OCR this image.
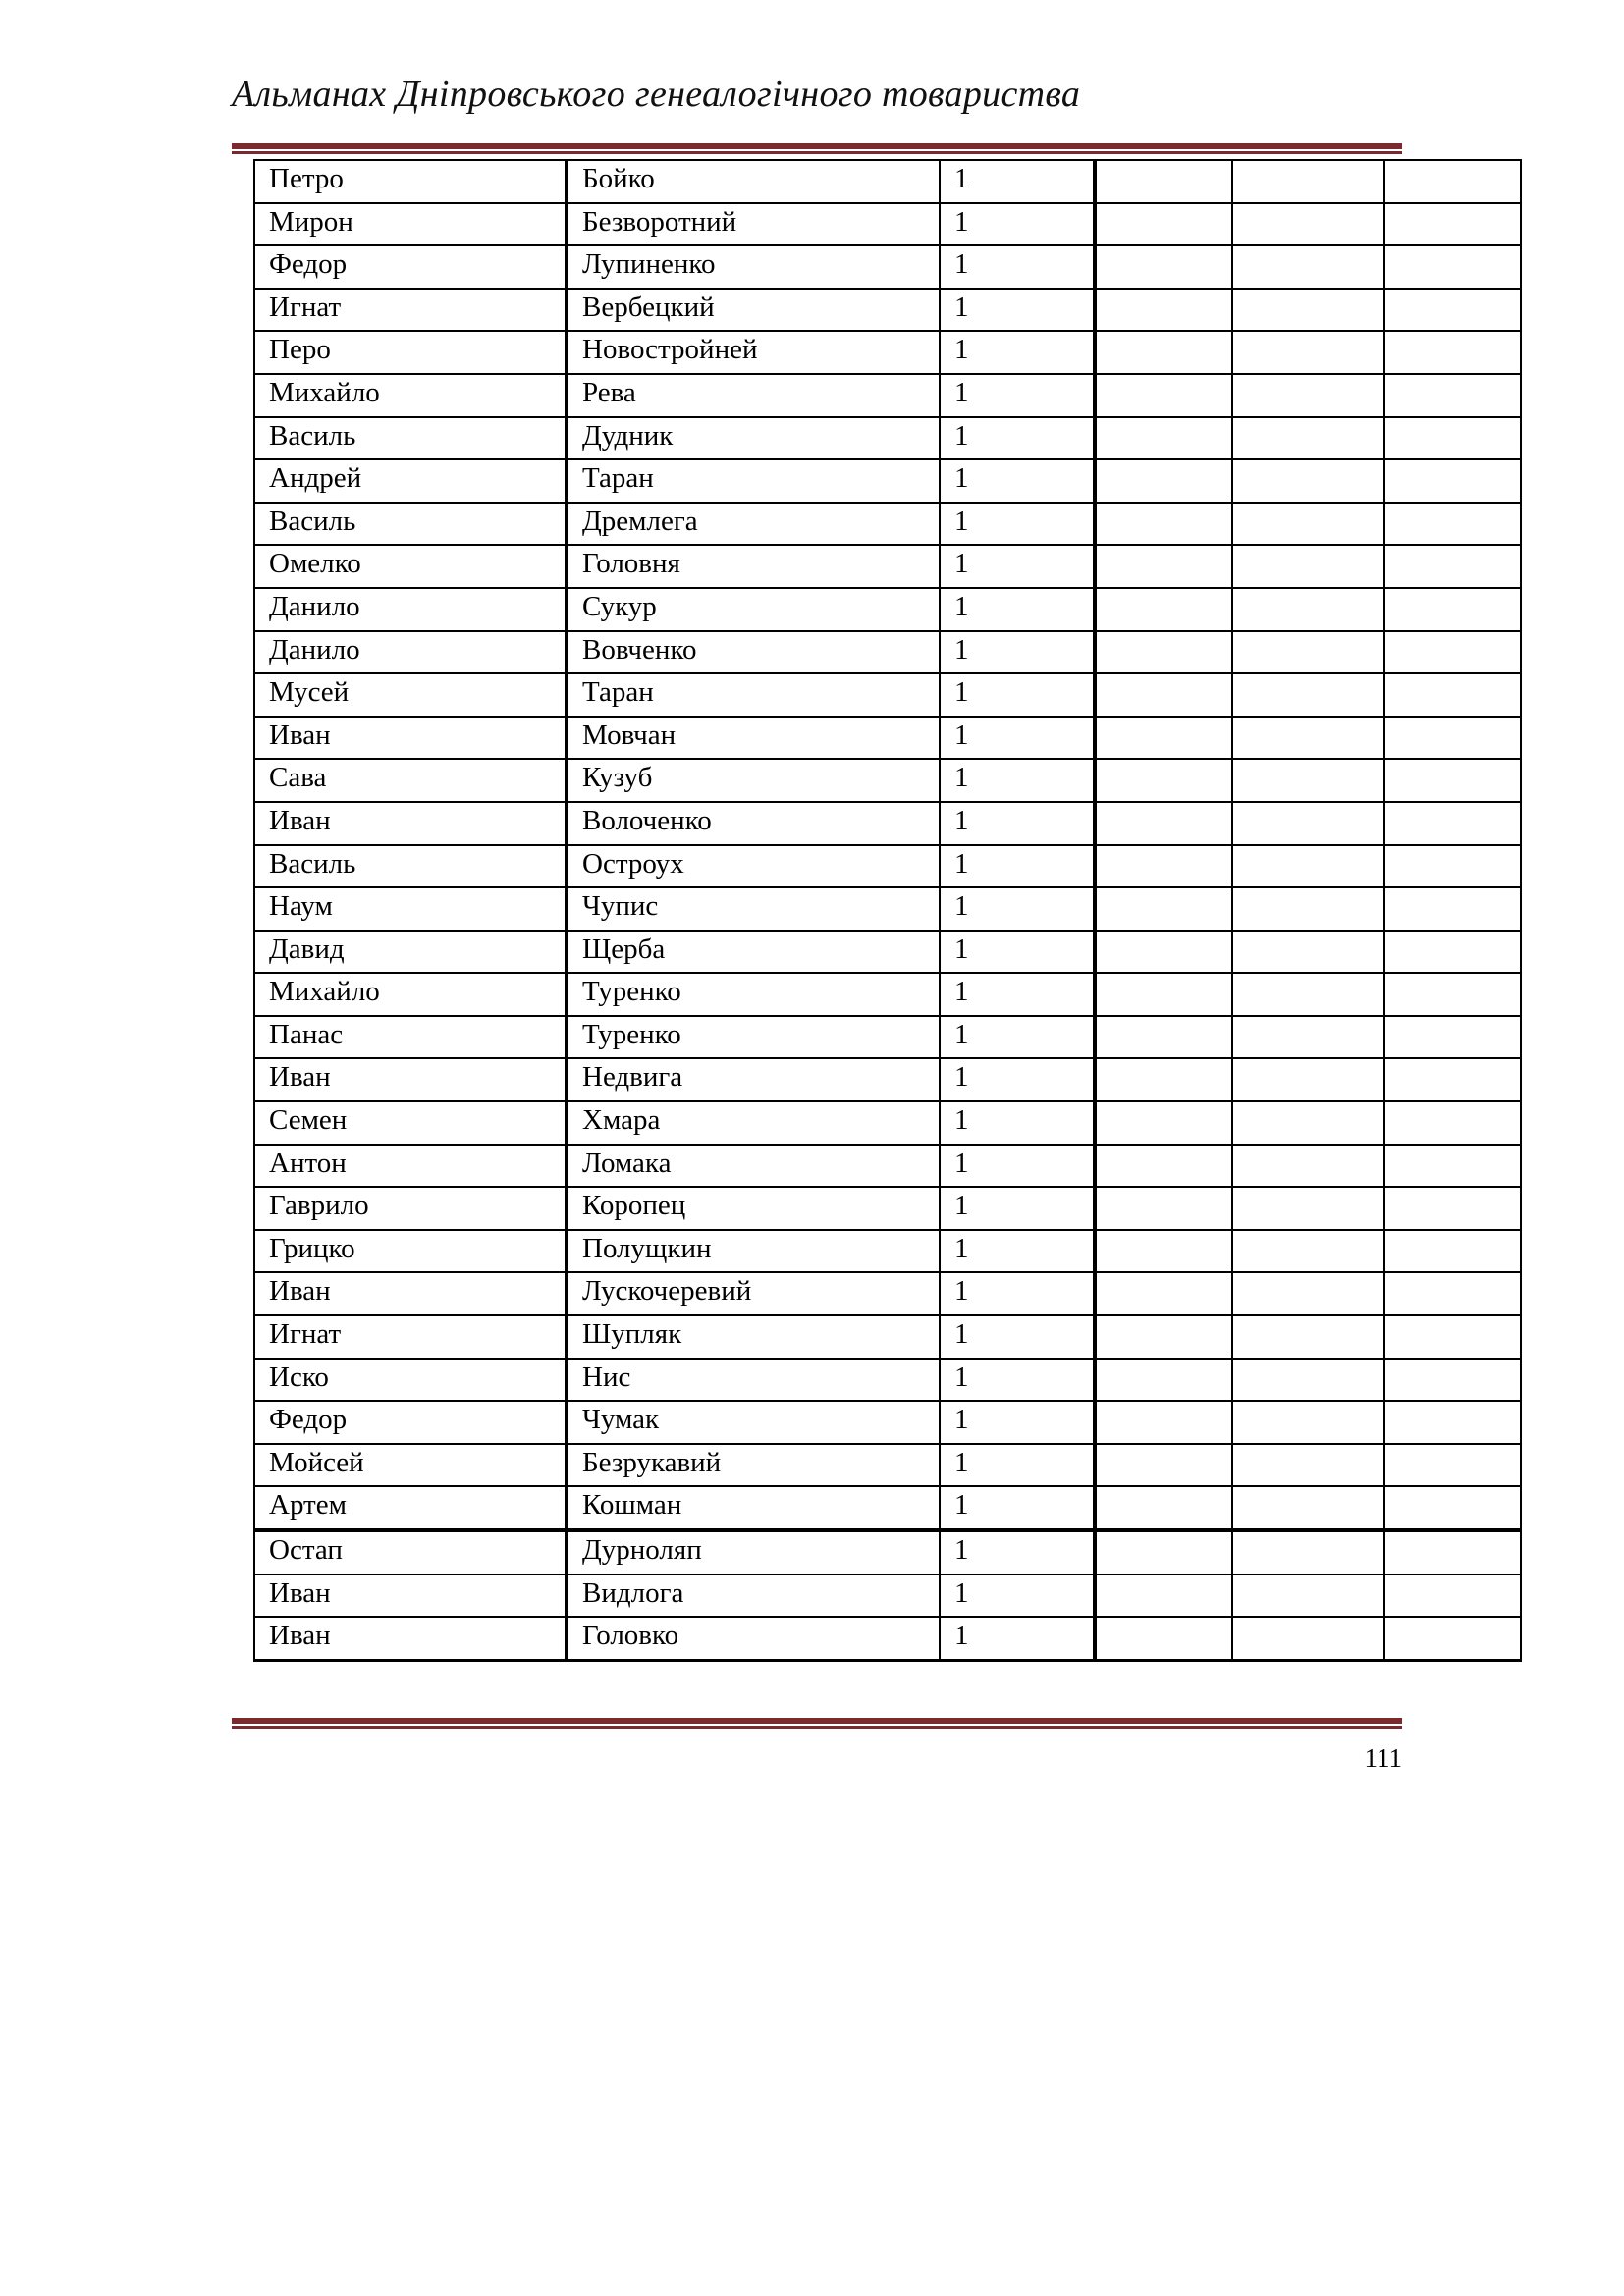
Альманах Дніпровського генеалогічного товариства
Петро	Бойко	1			
Мирон	Безворотний	1			
Федор	Лупиненко	1			
Игнат	Вербецкий	1			
Перо	Новостройней	1			
Михайло	Рева	1			
Василь	Дудник	1			
Андрей	Таран	1			
Василь	Дремлега	1			
Омелко	Головня	1			
Данило	Сукур	1			
Данило	Вовченко	1			
Мусей	Таран	1			
Иван	Мовчан	1			
Сава	Кузуб	1			
Иван	Волоченко	1			
Василь	Остроух	1			
Наум	Чупис	1			
Давид	Щерба	1			
Михайло	Туренко	1			
Панас	Туренко	1			
Иван	Недвига	1			
Семен	Хмара	1			
Антон	Ломака	1			
Гаврило	Коропец	1			
Грицко	Полущкин	1			
Иван	Лускочеревий	1			
Игнат	Шупляк	1			
Иско	Нис	1			
Федор	Чумак	1			
Мойсей	Безрукавий	1			
Артем	Кошман	1			
Остап	Дурноляп	1			
Иван	Видлога	1			
Иван	Головко	1			
111
